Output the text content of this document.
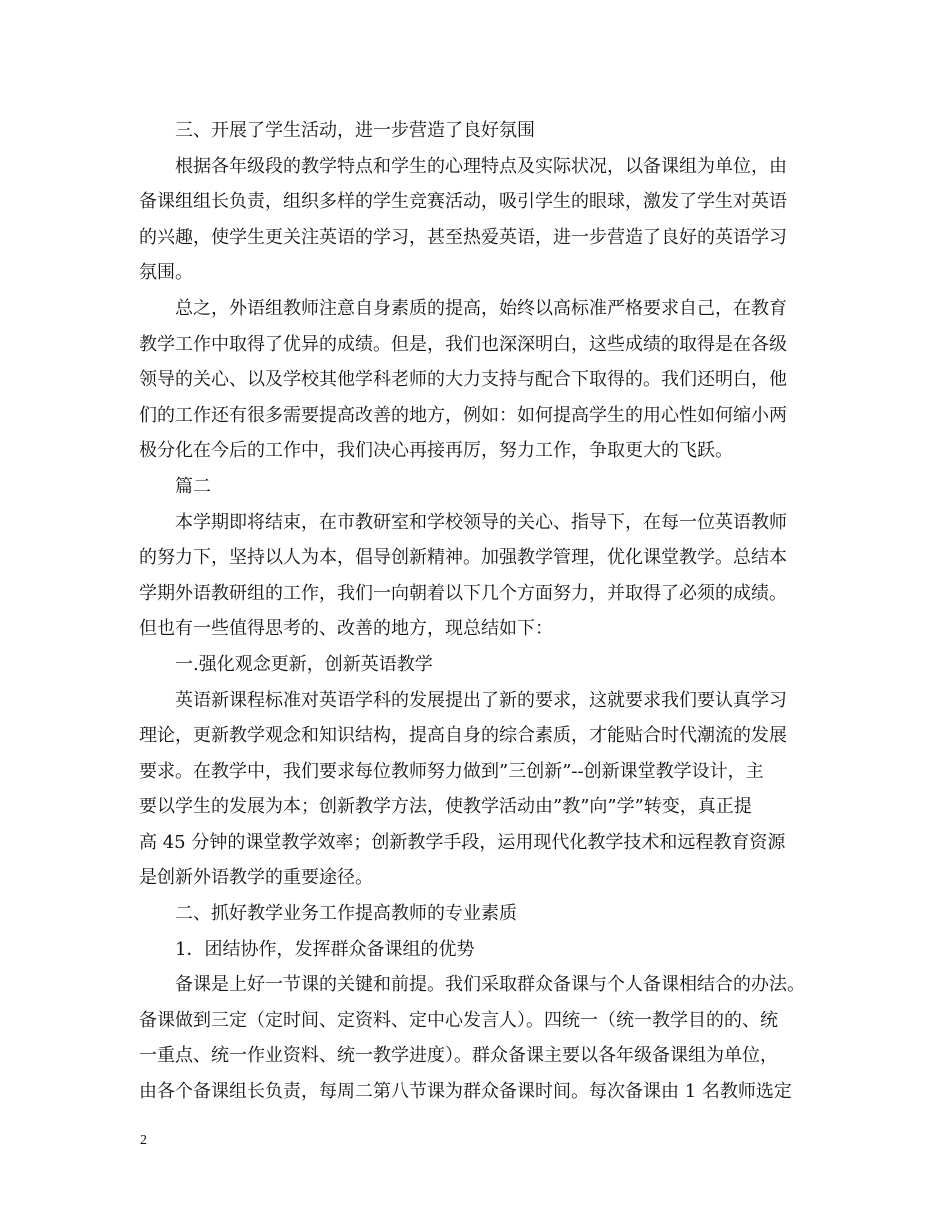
　　三、开展了学生活动，进一步营造了良好氛围
　　根据各年级段的教学特点和学生的心理特点及实际状况，以备课组为单位，由
备课组组长负责，组织多样的学生竞赛活动，吸引学生的眼球，激发了学生对英语
的兴趣，使学生更关注英语的学习，甚至热爱英语，进一步营造了良好的英语学习
氛围。
　　总之，外语组教师注意自身素质的提高，始终以高标准严格要求自己，在教育
教学工作中取得了优异的成绩。但是，我们也深深明白，这些成绩的取得是在各级
领导的关心、以及学校其他学科老师的大力支持与配合下取得的。我们还明白，他
们的工作还有很多需要提高改善的地方，例如：如何提高学生的用心性如何缩小两
极分化在今后的工作中，我们决心再接再厉，努力工作，争取更大的飞跃。
　　篇二
　　本学期即将结束，在市教研室和学校领导的关心、指导下，在每一位英语教师
的努力下，坚持以人为本，倡导创新精神。加强教学管理，优化课堂教学。总结本
学期外语教研组的工作，我们一向朝着以下几个方面努力，并取得了必须的成绩。
但也有一些值得思考的、改善的地方，现总结如下：
　　一.强化观念更新，创新英语教学
　　英语新课程标准对英语学科的发展提出了新的要求，这就要求我们要认真学习
理论，更新教学观念和知识结构，提高自身的综合素质，才能贴合时代潮流的发展
要求。在教学中，我们要求每位教师努力做到”三创新”--创新课堂教学设计，主
要以学生的发展为本；创新教学方法，使教学活动由”教”向”学”转变，真正提
高 45 分钟的课堂教学效率；创新教学手段，运用现代化教学技术和远程教育资源
是创新外语教学的重要途径。
　　二、抓好教学业务工作提高教师的专业素质
　　1．团结协作，发挥群众备课组的优势
　　备课是上好一节课的关键和前提。我们采取群众备课与个人备课相结合的办法。
备课做到三定（定时间、定资料、定中心发言人）。四统一（统一教学目的的、统
一重点、统一作业资料、统一教学进度）。群众备课主要以各年级备课组为单位，
由各个备课组长负责，每周二第八节课为群众备课时间。每次备课由 1 名教师选定
2
